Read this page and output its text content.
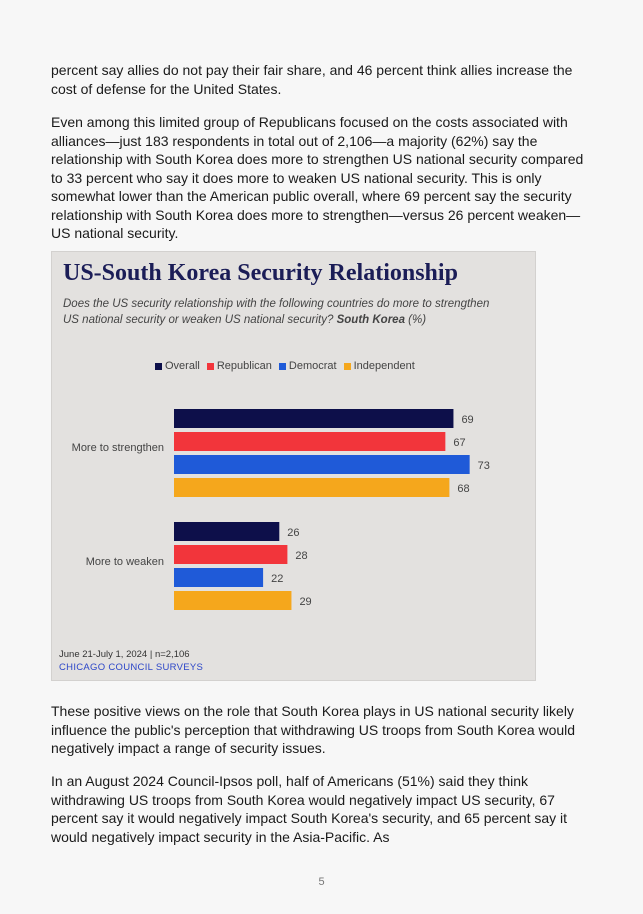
percent say allies do not pay their fair share, and 46 percent think allies increase the cost of defense for the United States.

Even among this limited group of Republicans focused on the costs associated with alliances—just 183 respondents in total out of 2,106—a majority (62%) say the relationship with South Korea does more to strengthen US national security compared to 33 percent who say it does more to weaken US national security. This is only somewhat lower than the American public overall, where 69 percent say the security relationship with South Korea does more to strengthen—versus 26 percent weaken—US national security.

US-South Korea Security Relationship

Does the US security relationship with the following countries do more to strengthen US national security or weaken US national security? South Korea (%)

Overall Republican Democrat Independent
More to strengthen
69
67
73
68
More to weaken
26
28
22
29
June 21-July 1, 2024 | n=2,106
CHICAGO COUNCIL SURVEYS

These positive views on the role that South Korea plays in US national security likely influence the public's perception that withdrawing US troops from South Korea would negatively impact a range of security issues.

In an August 2024 Council-Ipsos poll, half of Americans (51%) said they think withdrawing US troops from South Korea would negatively impact US security, 67 percent say it would negatively impact South Korea's security, and 65 percent say it would negatively impact security in the Asia-Pacific. As

5
